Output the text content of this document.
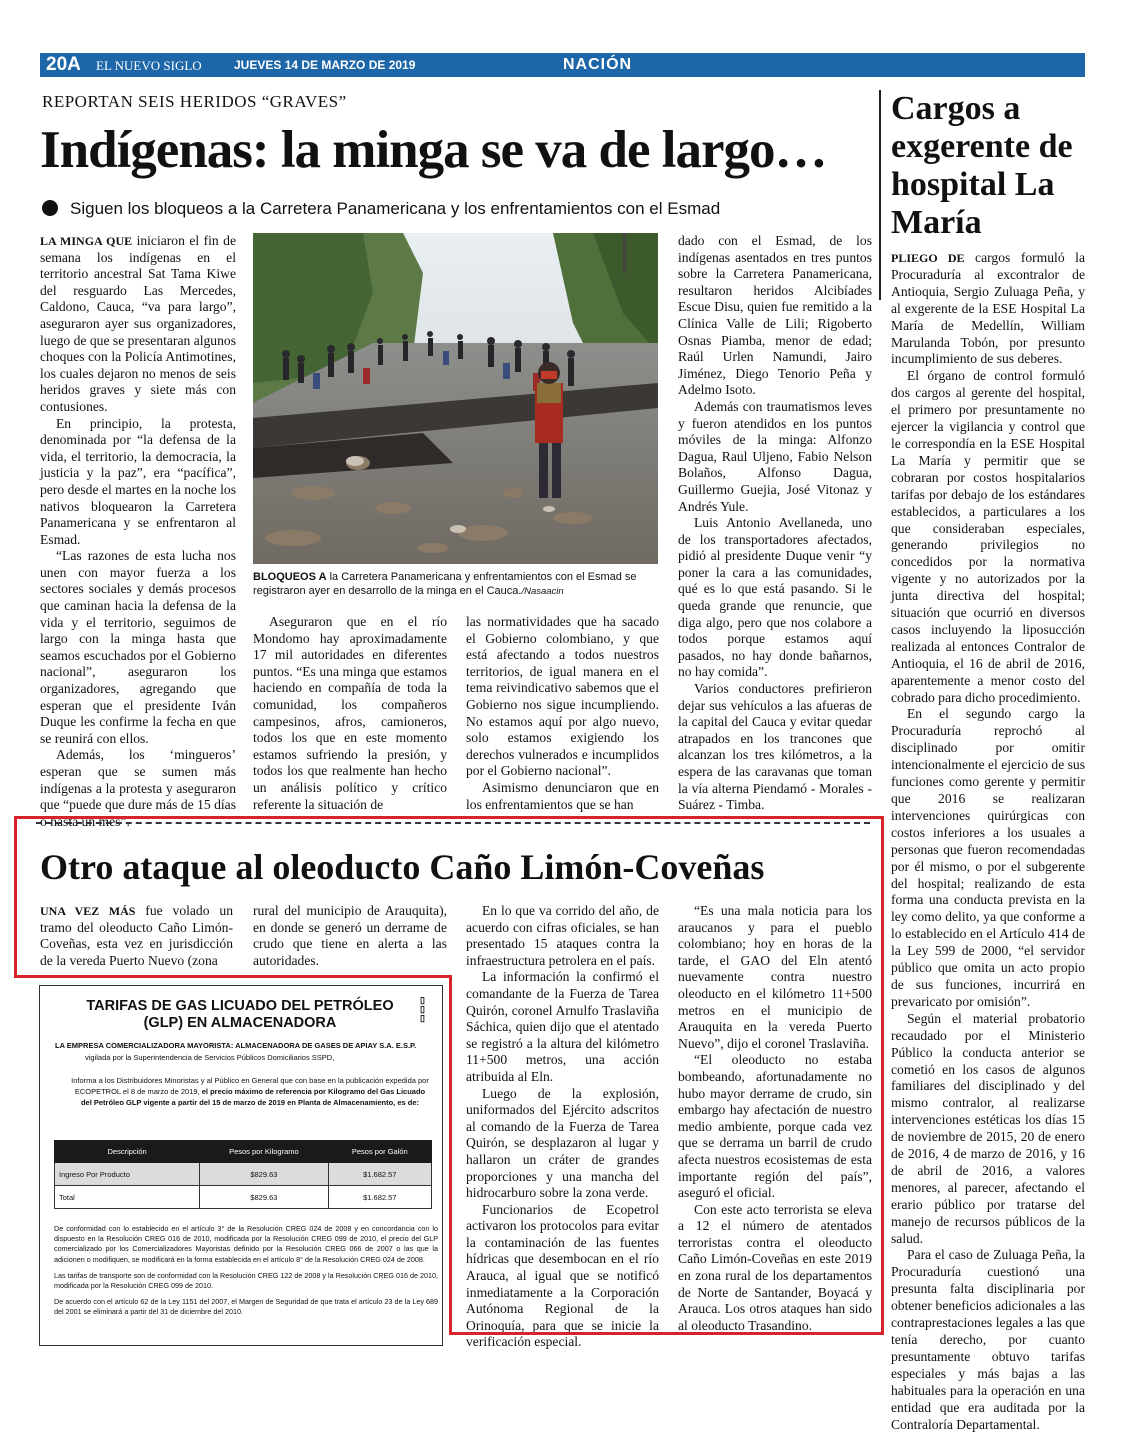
20A EL NUEVO SIGLO	JUEVES 14 DE MARZO DE 2019	NACIÓN
REPORTAN SEIS HERIDOS “GRAVES”
Indígenas: la minga se va de largo…
Siguen los bloqueos a la Carretera Panamericana y los enfrentamientos con el Esmad

LA MINGA QUE iniciaron el fin de semana los indígenas en el territorio ancestral Sat Tama Kiwe del resguardo Las Mercedes, Caldono, Cauca, “va para largo”, aseguraron ayer sus organizadores, luego de que se presentaran algunos choques con la Policía Antimotines, los cuales dejaron no menos de seis heridos graves y siete más con contusiones.

En principio, la protesta, denominada por “la defensa de la vida, el territorio, la democracia, la justicia y la paz”, era “pacífica”, pero desde el martes en la noche los nativos bloquearon la Carretera Panamericana y se enfrentaron al Esmad.

“Las razones de esta lucha nos unen con mayor fuerza a los sectores sociales y demás procesos que caminan hacia la defensa de la vida y el territorio, seguimos de largo con la minga hasta que seamos escuchados por el Gobierno nacional”, aseguraron los organizadores, agregando que esperan que el presidente Iván Duque les confirme la fecha en que se reunirá con ellos.

Además, los ‘mingueros’ esperan que se sumen más indígenas a la protesta y aseguraron que “puede que dure más de 15 días o hasta un mes”.

BLOQUEOS A la Carretera Panamericana y enfrentamientos con el Esmad se registraron ayer en desarrollo de la minga en el Cauca./Nasaacin

Aseguraron que en el río Mondomo hay aproximadamente 17 mil autoridades en diferentes puntos. “Es una minga que estamos haciendo en compañía de toda la comunidad, los compañeros campesinos, afros, camioneros, todos los que en este momento estamos sufriendo la presión, y todos los que realmente han hecho un análisis político y crítico referente la situación de

las normatividades que ha sacado el Gobierno colombiano, y que está afectando a todos nuestros territorios, de igual manera en el tema reivindicativo sabemos que el Gobierno nos sigue incumpliendo. No estamos aquí por algo nuevo, solo estamos exigiendo los derechos vulnerados e incumplidos por el Gobierno nacional”.

Asimismo denunciaron que en los enfrentamientos que se han

dado con el Esmad, de los indígenas asentados en tres puntos sobre la Carretera Panamericana, resultaron heridos Alcibíades Escue Disu, quien fue remitido a la Clínica Valle de Lili; Rigoberto Osnas Piamba, menor de edad; Raúl Urlen Namundi, Jairo Jiménez, Diego Tenorio Peña y Adelmo Isoto.

Además con traumatismos leves y fueron atendidos en los puntos móviles de la minga: Alfonzo Dagua, Raul Uljeno, Fabio Nelson Bolaños, Alfonso Dagua, Guillermo Guejia, José Vitonaz y Andrés Yule.

Luis Antonio Avellaneda, uno de los transportadores afectados, pidió al presidente Duque venir “y poner la cara a las comunidades, qué es lo que está pasando. Si le queda grande que renuncie, que diga algo, pero que nos colabore a todos porque estamos aquí pasados, no hay donde bañarnos, no hay comida”.

Varios conductores prefirieron dejar sus vehículos a las afueras de la capital del Cauca y evitar quedar atrapados en los trancones que alcanzan los tres kilómetros, a la espera de las caravanas que toman la vía alterna Piendamó - Morales - Suárez - Timba.

Cargos a exgerente de hospital La María

PLIEGO DE cargos formuló la Procuraduría al excontralor de Antioquia, Sergio Zuluaga Peña, y al exgerente de la ESE Hospital La María de Medellín, William Marulanda Tobón, por presunto incumplimiento de sus deberes.

El órgano de control formuló dos cargos al gerente del hospital, el primero por presuntamente no ejercer la vigilancia y control que le correspondía en la ESE Hospital La María y permitir que se cobraran por costos hospitalarios tarifas por debajo de los estándares establecidos, a particulares a los que consideraban especiales, generando privilegios no concedidos por la normativa vigente y no autorizados por la junta directiva del hospital; situación que ocurrió en diversos casos incluyendo la liposucción realizada al entonces Contralor de Antioquia, el 16 de abril de 2016, aparentemente a menor costo del cobrado para dicho procedimiento.

En el segundo cargo la Procuraduría reprochó al disciplinado por omitir intencionalmente el ejercicio de sus funciones como gerente y permitir que 2016 se realizaran intervenciones quirúrgicas con costos inferiores a los usuales a personas que fueron recomendadas por él mismo, o por el subgerente del hospital; realizando de esta forma una conducta prevista en la ley como delito, ya que conforme a lo establecido en el Artículo 414 de la Ley 599 de 2000, “el servidor público que omita un acto propio de sus funciones, incurrirá en prevaricato por omisión”.

Según el material probatorio recaudado por el Ministerio Público la conducta anterior se cometió en los casos de algunos familiares del disciplinado y del mismo contralor, al realizarse intervenciones estéticas los días 15 de noviembre de 2015, 20 de enero de 2016, 4 de marzo de 2016, y 16 de abril de 2016, a valores menores, al parecer, afectando el erario público por tratarse del manejo de recursos públicos de la salud.

Para el caso de Zuluaga Peña, la Procuraduría cuestionó una presunta falta disciplinaria por obtener beneficios adicionales a las contraprestaciones legales a las que tenía derecho, por cuanto presuntamente obtuvo tarifas especiales y más bajas a las habituales para la operación en una entidad que era auditada por la Contraloría Departamental.

Otro ataque al oleoducto Caño Limón-Coveñas

UNA VEZ MÁS fue volado un tramo del oleoducto Caño Limón-Coveñas, esta vez en jurisdicción de la vereda Puerto Nuevo (zona

rural del municipio de Arauquita), en donde se generó un derrame de crudo que tiene en alerta a las autoridades.

En lo que va corrido del año, de acuerdo con cifras oficiales, se han presentado 15 ataques contra la infraestructura petrolera en el país.

La información la confirmó el comandante de la Fuerza de Tarea Quirón, coronel Arnulfo Traslaviña Sáchica, quien dijo que el atentado se registró a la altura del kilómetro 11+500 metros, una acción atribuida al Eln.

Luego de la explosión, uniformados del Ejército adscritos al comando de la Fuerza de Tarea Quirón, se desplazaron al lugar y hallaron un cráter de grandes proporciones y una mancha del hidrocarburo sobre la zona verde.

Funcionarios de Ecopetrol activaron los protocolos para evitar la contaminación de las fuentes hídricas que desembocan en el río Arauca, al igual que se notificó inmediatamente a la Corporación Autónoma Regional de la Orinoquía, para que se inicie la verificación especial.

“Es una mala noticia para los araucanos y para el pueblo colombiano; hoy en horas de la tarde, el GAO del Eln atentó nuevamente contra nuestro oleoducto en el kilómetro 11+500 metros en el municipio de Arauquita en la vereda Puerto Nuevo”, dijo el coronel Traslaviña.

“El oleoducto no estaba bombeando, afortunadamente no hubo mayor derrame de crudo, sin embargo hay afectación de nuestro medio ambiente, porque cada vez que se derrama un barril de crudo afecta nuestros ecosistemas de esta importante región del país”, aseguró el oficial.

Con este acto terrorista se eleva a 12 el número de atentados terroristas contra el oleoducto Caño Limón-Coveñas en este 2019 en zona rural de los departamentos de Norte de Santander, Boyacá y Arauca. Los otros ataques han sido al oleoducto Trasandino.

TARIFAS DE GAS LICUADO DEL PETRÓLEO (GLP) EN ALMACENADORA
▯
▯
▯
LA EMPRESA COMERCIALIZADORA MAYORISTA: ALMACENADORA DE GASES DE APIAY S.A. E.S.P.
vigilada por la Superintendencia de Servicios Públicos Domiciliarios SSPD,
Informa a los Distribuidores Minoristas y al Público en General que con base en la publicación expedida por ECOPETROL el 8 de marzo de 2019, el precio máximo de referencia por Kilogramo del Gas Licuado del Petróleo GLP vigente a partir del 15 de marzo de 2019 en Planta de Almacenamiento, es de:
Descripción	Pesos por Kilogramo	Pesos por Galón
Ingreso Por Producto	$829.63	$1.682.57
Total	$829.63	$1.682.57

De conformidad con lo establecido en el artículo 3° de la Resolución CREG 024 de 2008 y en concordancia con lo dispuesto en la Resolución CREG 016 de 2010, modificada por la Resolución CREG 099 de 2010, el precio del GLP comercializado por los Comercializadores Mayoristas definido por la Resolución CREG 066 de 2007 o las que la adicionen o modifiquen, se modificará en la forma establecida en el artículo 8° de la Resolución CREG 024 de 2008.

Las tarifas de transporte son de conformidad con la Resolución CREG 122 de 2008 y la Resolución CREG 016 de 2010, modificada por la Resolución CREG 099 de 2010.

De acuerdo con el artículo 62 de la Ley 1151 del 2007, el Margen de Seguridad de que trata el artículo 23 de la Ley 689 del 2001 se eliminará a partir del 31 de diciembre del 2010.
